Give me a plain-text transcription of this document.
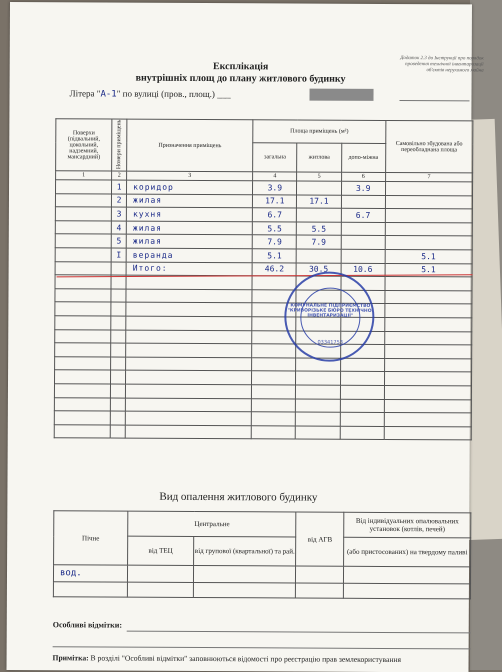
Додаток 2.3 до Інструкції про порядок проведення технічної інвентаризації об'єктів нерухомого майна
Експлікація
внутрішніх площ до плану житлового будинку
Літера "А-1" по вулиці (пров., площ.) ___
Поверхи (підвальний, цокольний, надземний, мансардний)	Номери приміщень	Призначення приміщень	Площа приміщень (м²)			Самовільно збудована або переобладнана площа
			загальна	житлова	допо-міжна	
1	2	3	4	5	6	7
	1	коридор	3.9		3.9	
	2	жилая	17.1	17.1		
	3	кухня	6.7		6.7	
	4	жилая	5.5	5.5		
	5	жилая	7.9	7.9		
	I	веранда	5.1			5.1
		Итого:	46.2	30.5	10.6	5.1

КОМУНАЛЬНЕ ПІДПРИЄМСТВО
"КРИВОРІЗЬКЕ БЮРО ТЕХНІЧНОЇ ІНВЕНТАРИЗАЦІЇ"
03341753
Вид опалення житлового будинку
Пічне	Центральне		від АГВ	Від індивідуальних опалювальних установок (котлів, печей)
	від ТЕЦ	від групової (квартальної) та рай.		(або пристосованих) на твердому паливі
вод.				

Особливі відмітки:
Примітка: В розділі "Особливі відмітки" заповнюються відомості про реєстрацію прав землекористування
